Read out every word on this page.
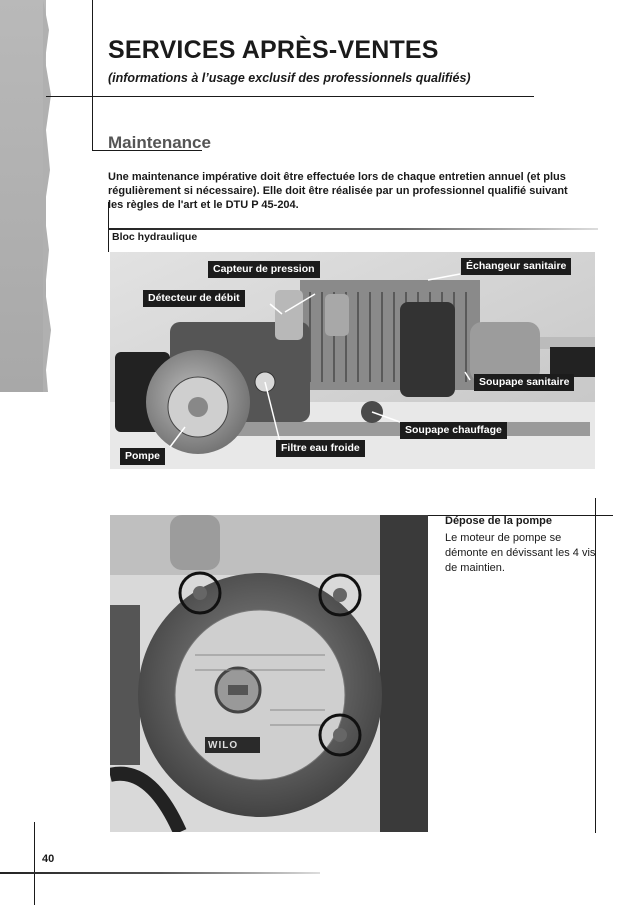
SERVICES APRÈS-VENTES
(informations à l’usage exclusif des professionnels qualifiés)
Maintenance
Une maintenance impérative doit être effectuée lors de chaque entretien annuel (et plus régulièrement si nécessaire). Elle doit être réalisée par un professionnel qualifié suivant les règles de l'art et le DTU P 45-204.
Bloc hydraulique
Capteur de pression	Échangeur sanitaire
Détecteur de débit
Soupape sanitaire
Soupape chauffage
Filtre eau froide
Pompe
WILO
Dépose de la pompe
Le moteur de pompe se démonte en dévissant les 4 vis de maintien.
40
